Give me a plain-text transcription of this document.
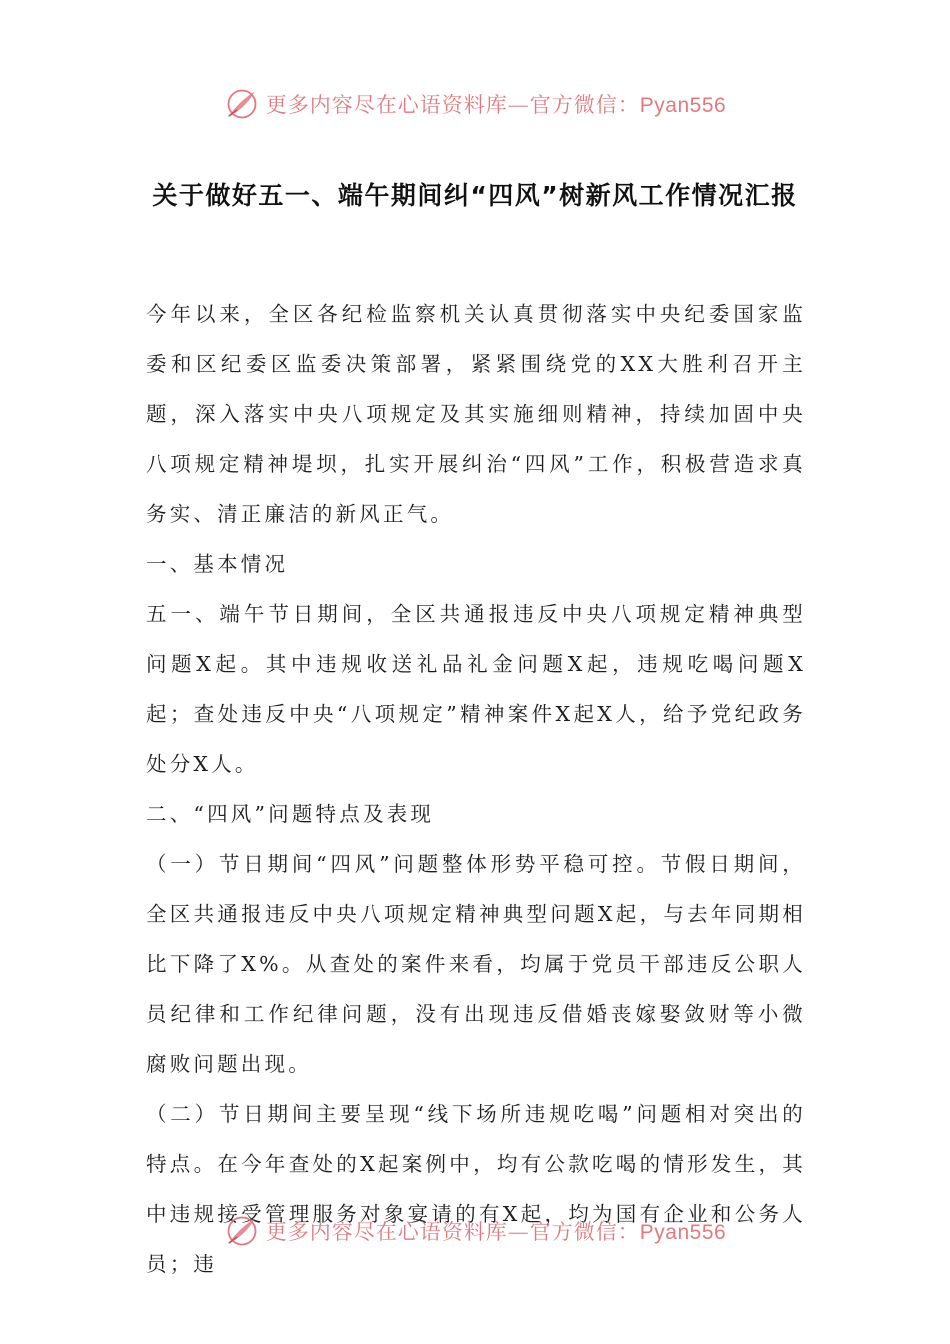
更多内容尽在心语资料库—官方微信：Pyan556
关于做好五一、端午期间纠“四风”树新风工作情况汇报

今年以来，全区各纪检监察机关认真贯彻落实中央纪委国家监委和区纪委区监委决策部署，紧紧围绕党的XX大胜利召开主题，深入落实中央八项规定及其实施细则精神，持续加固中央八项规定精神堤坝，扎实开展纠治“四风”工作，积极营造求真务实、清正廉洁的新风正气。

一、基本情况

五一、端午节日期间，全区共通报违反中央八项规定精神典型问题X起。其中违规收送礼品礼金问题X起，违规吃喝问题X起；查处违反中央“八项规定”精神案件X起X人，给予党纪政务处分X人。

二、“四风”问题特点及表现

（一）节日期间“四风”问题整体形势平稳可控。节假日期间，全区共通报违反中央八项规定精神典型问题X起，与去年同期相比下降了X%。从查处的案件来看，均属于党员干部违反公职人员纪律和工作纪律问题，没有出现违反借婚丧嫁娶敛财等小微腐败问题出现。

（二）节日期间主要呈现“线下场所违规吃喝”问题相对突出的特点。在今年查处的X起案例中，均有公款吃喝的情形发生，其中违规接受管理服务对象宴请的有X起，均为国有企业和公务人员；违

更多内容尽在心语资料库—官方微信：Pyan556
